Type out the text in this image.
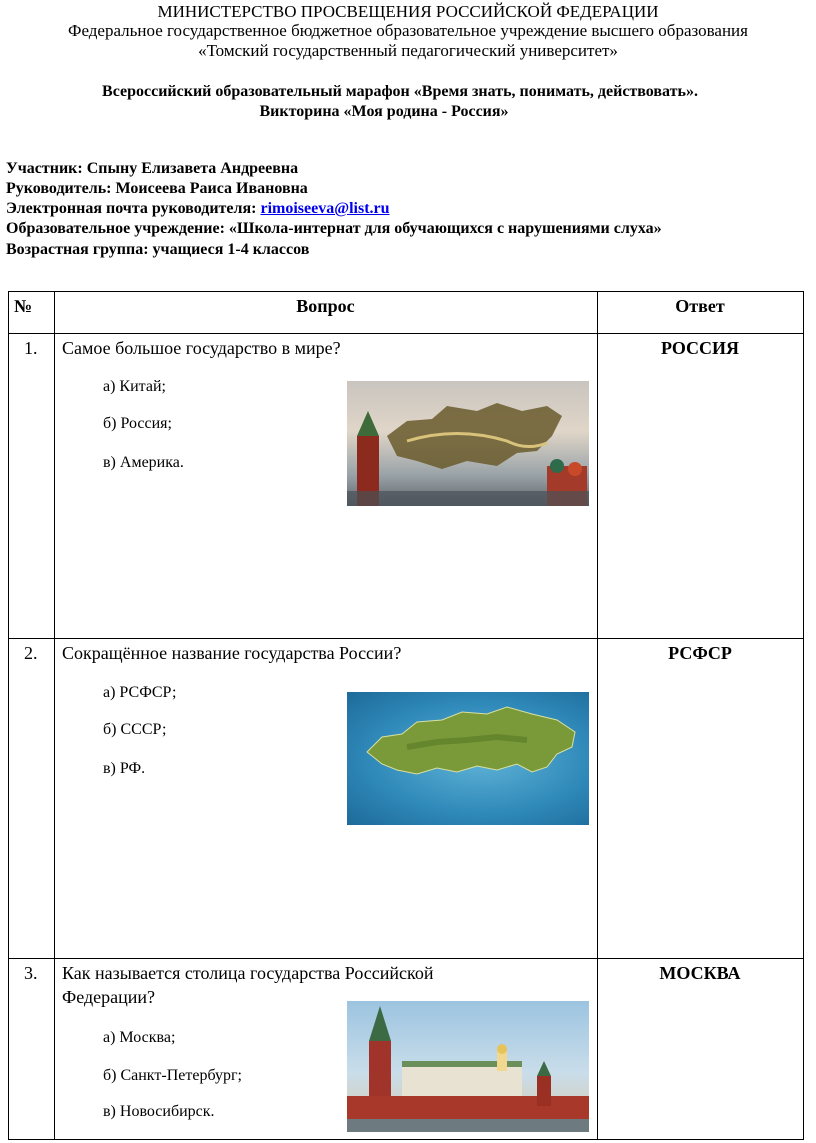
МИНИСТЕРСТВО ПРОСВЕЩЕНИЯ РОССИЙСКОЙ ФЕДЕРАЦИИ
Федеральное государственное бюджетное образовательное учреждение высшего образования
«Томский государственный педагогический университет»
Всероссийский образовательный марафон «Время знать, понимать, действовать».
Викторина «Моя родина - Россия»
Участник: Спыну Елизавета Андреевна
Руководитель: Моисеева Раиса Ивановна
Электронная почта руководителя: rimoiseeva@list.ru
Образовательное учреждение: «Школа-интернат для обучающихся с нарушениями слуха»
Возрастная группа: учащиеся 1-4 классов
№	Вопрос	Ответ
1. Самое большое государство в мире?
а) Китай;
б) Россия;
в) Америка.
РОССИЯ
2. Сокращённое название государства России?
а) РСФСР;
б) СССР;
в) РФ.
РСФСР
3. Как называется столица государства Российской Федерации?
а) Москва;
б) Санкт-Петербург;
в) Новосибирск.
МОСКВА
